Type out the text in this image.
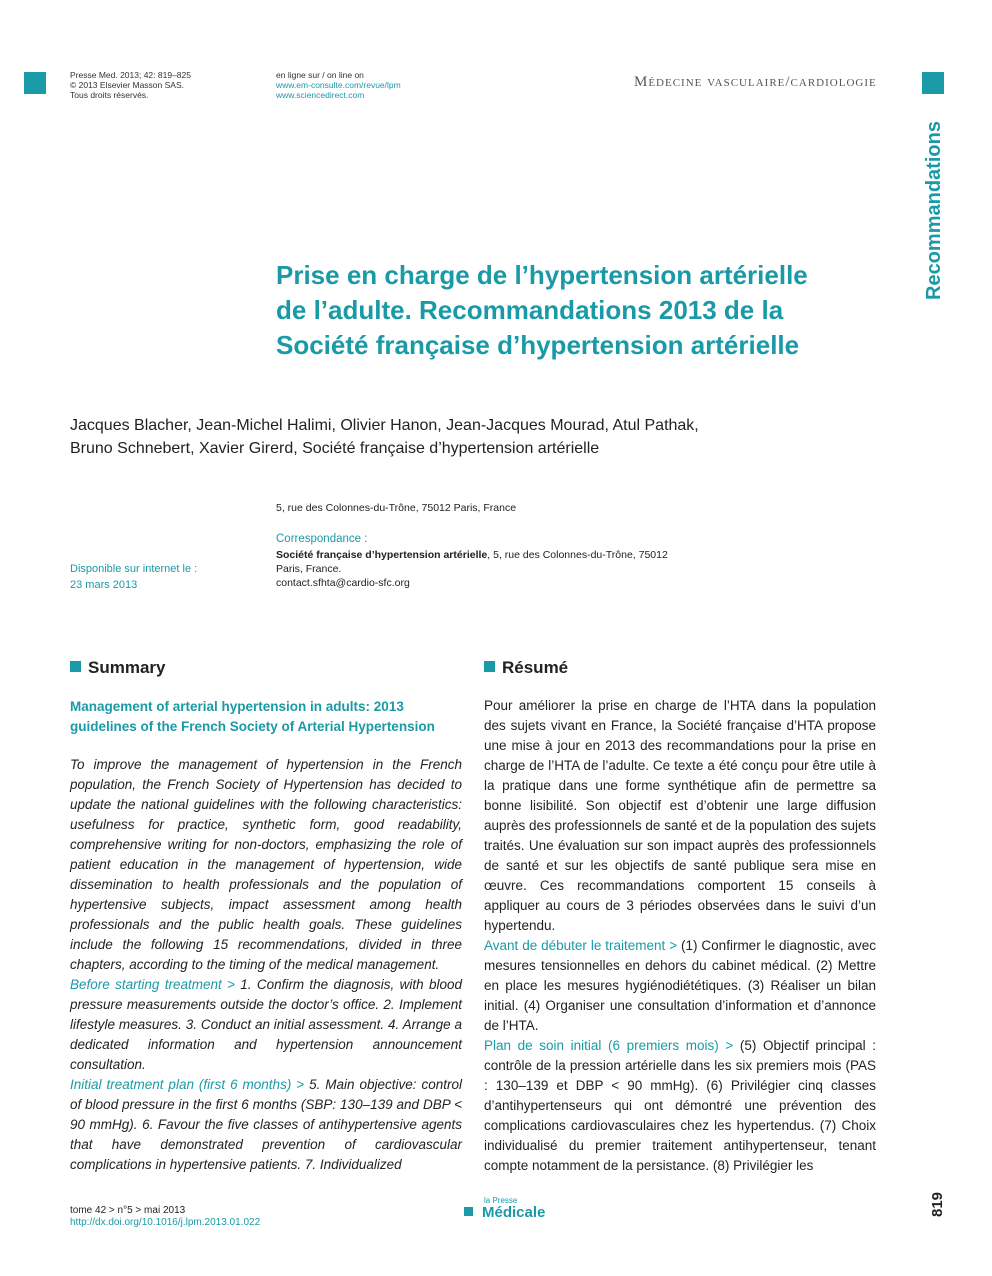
Presse Med. 2013; 42: 819–825
© 2013 Elsevier Masson SAS.
Tous droits réservés.
en ligne sur / on line on
www.em-consulte.com/revue/lpm
www.sciencedirect.com
Médecine vasculaire/cardiologie
Recommandations
Prise en charge de l’hypertension artérielle
de l’adulte. Recommandations 2013 de la
Société française d’hypertension artérielle
Jacques Blacher, Jean-Michel Halimi, Olivier Hanon, Jean-Jacques Mourad, Atul Pathak,
Bruno Schnebert, Xavier Girerd, Société française d’hypertension artérielle
5, rue des Colonnes-du-Trône, 75012 Paris, France
Correspondance :
Société française d’hypertension artérielle, 5, rue des Colonnes-du-Trône, 75012
Paris, France.
contact.sfhta@cardio-sfc.org
Disponible sur internet le :
23 mars 2013
Summary
Management of arterial hypertension in adults: 2013 guidelines of the French Society of Arterial Hypertension

To improve the management of hypertension in the French population, the French Society of Hypertension has decided to update the national guidelines with the following characteristics: usefulness for practice, synthetic form, good readability, comprehensive writing for non-doctors, emphasizing the role of patient education in the management of hypertension, wide dissemination to health professionals and the population of hypertensive subjects, impact assessment among health professionals and the public health goals. These guidelines include the following 15 recommendations, divided in three chapters, according to the timing of the medical management.

Before starting treatment > 1. Confirm the diagnosis, with blood pressure measurements outside the doctor’s office. 2. Implement lifestyle measures. 3. Conduct an initial assessment. 4. Arrange a dedicated information and hypertension announcement consultation.

Initial treatment plan (first 6 months) > 5. Main objective: control of blood pressure in the first 6 months (SBP: 130–139 and DBP < 90 mmHg). 6. Favour the five classes of antihypertensive agents that have demonstrated prevention of cardiovascular complications in hypertensive patients. 7. Individualized

Résumé

Pour améliorer la prise en charge de l’HTA dans la population des sujets vivant en France, la Société française d’HTA propose une mise à jour en 2013 des recommandations pour la prise en charge de l’HTA de l’adulte. Ce texte a été conçu pour être utile à la pratique dans une forme synthétique afin de permettre sa bonne lisibilité. Son objectif est d’obtenir une large diffusion auprès des professionnels de santé et de la population des sujets traités. Une évaluation sur son impact auprès des professionnels de santé et sur les objectifs de santé publique sera mise en œuvre. Ces recommandations comportent 15 conseils à appliquer au cours de 3 périodes observées dans le suivi d’un hypertendu.

Avant de débuter le traitement > (1) Confirmer le diagnostic, avec mesures tensionnelles en dehors du cabinet médical. (2) Mettre en place les mesures hygiénodiététiques. (3) Réaliser un bilan initial. (4) Organiser une consultation d’information et d’annonce de l’HTA.

Plan de soin initial (6 premiers mois) > (5) Objectif principal : contrôle de la pression artérielle dans les six premiers mois (PAS : 130–139 et DBP < 90 mmHg). (6) Privilégier cinq classes d’antihypertenseurs qui ont démontré une prévention des complications cardiovasculaires chez les hypertendus. (7) Choix individualisé du premier traitement antihypertenseur, tenant compte notamment de la persistance. (8) Privilégier les

tome 42 > n°5 > mai 2013
http://dx.doi.org/10.1016/j.lpm.2013.01.022
la Presse
Médicale	819
